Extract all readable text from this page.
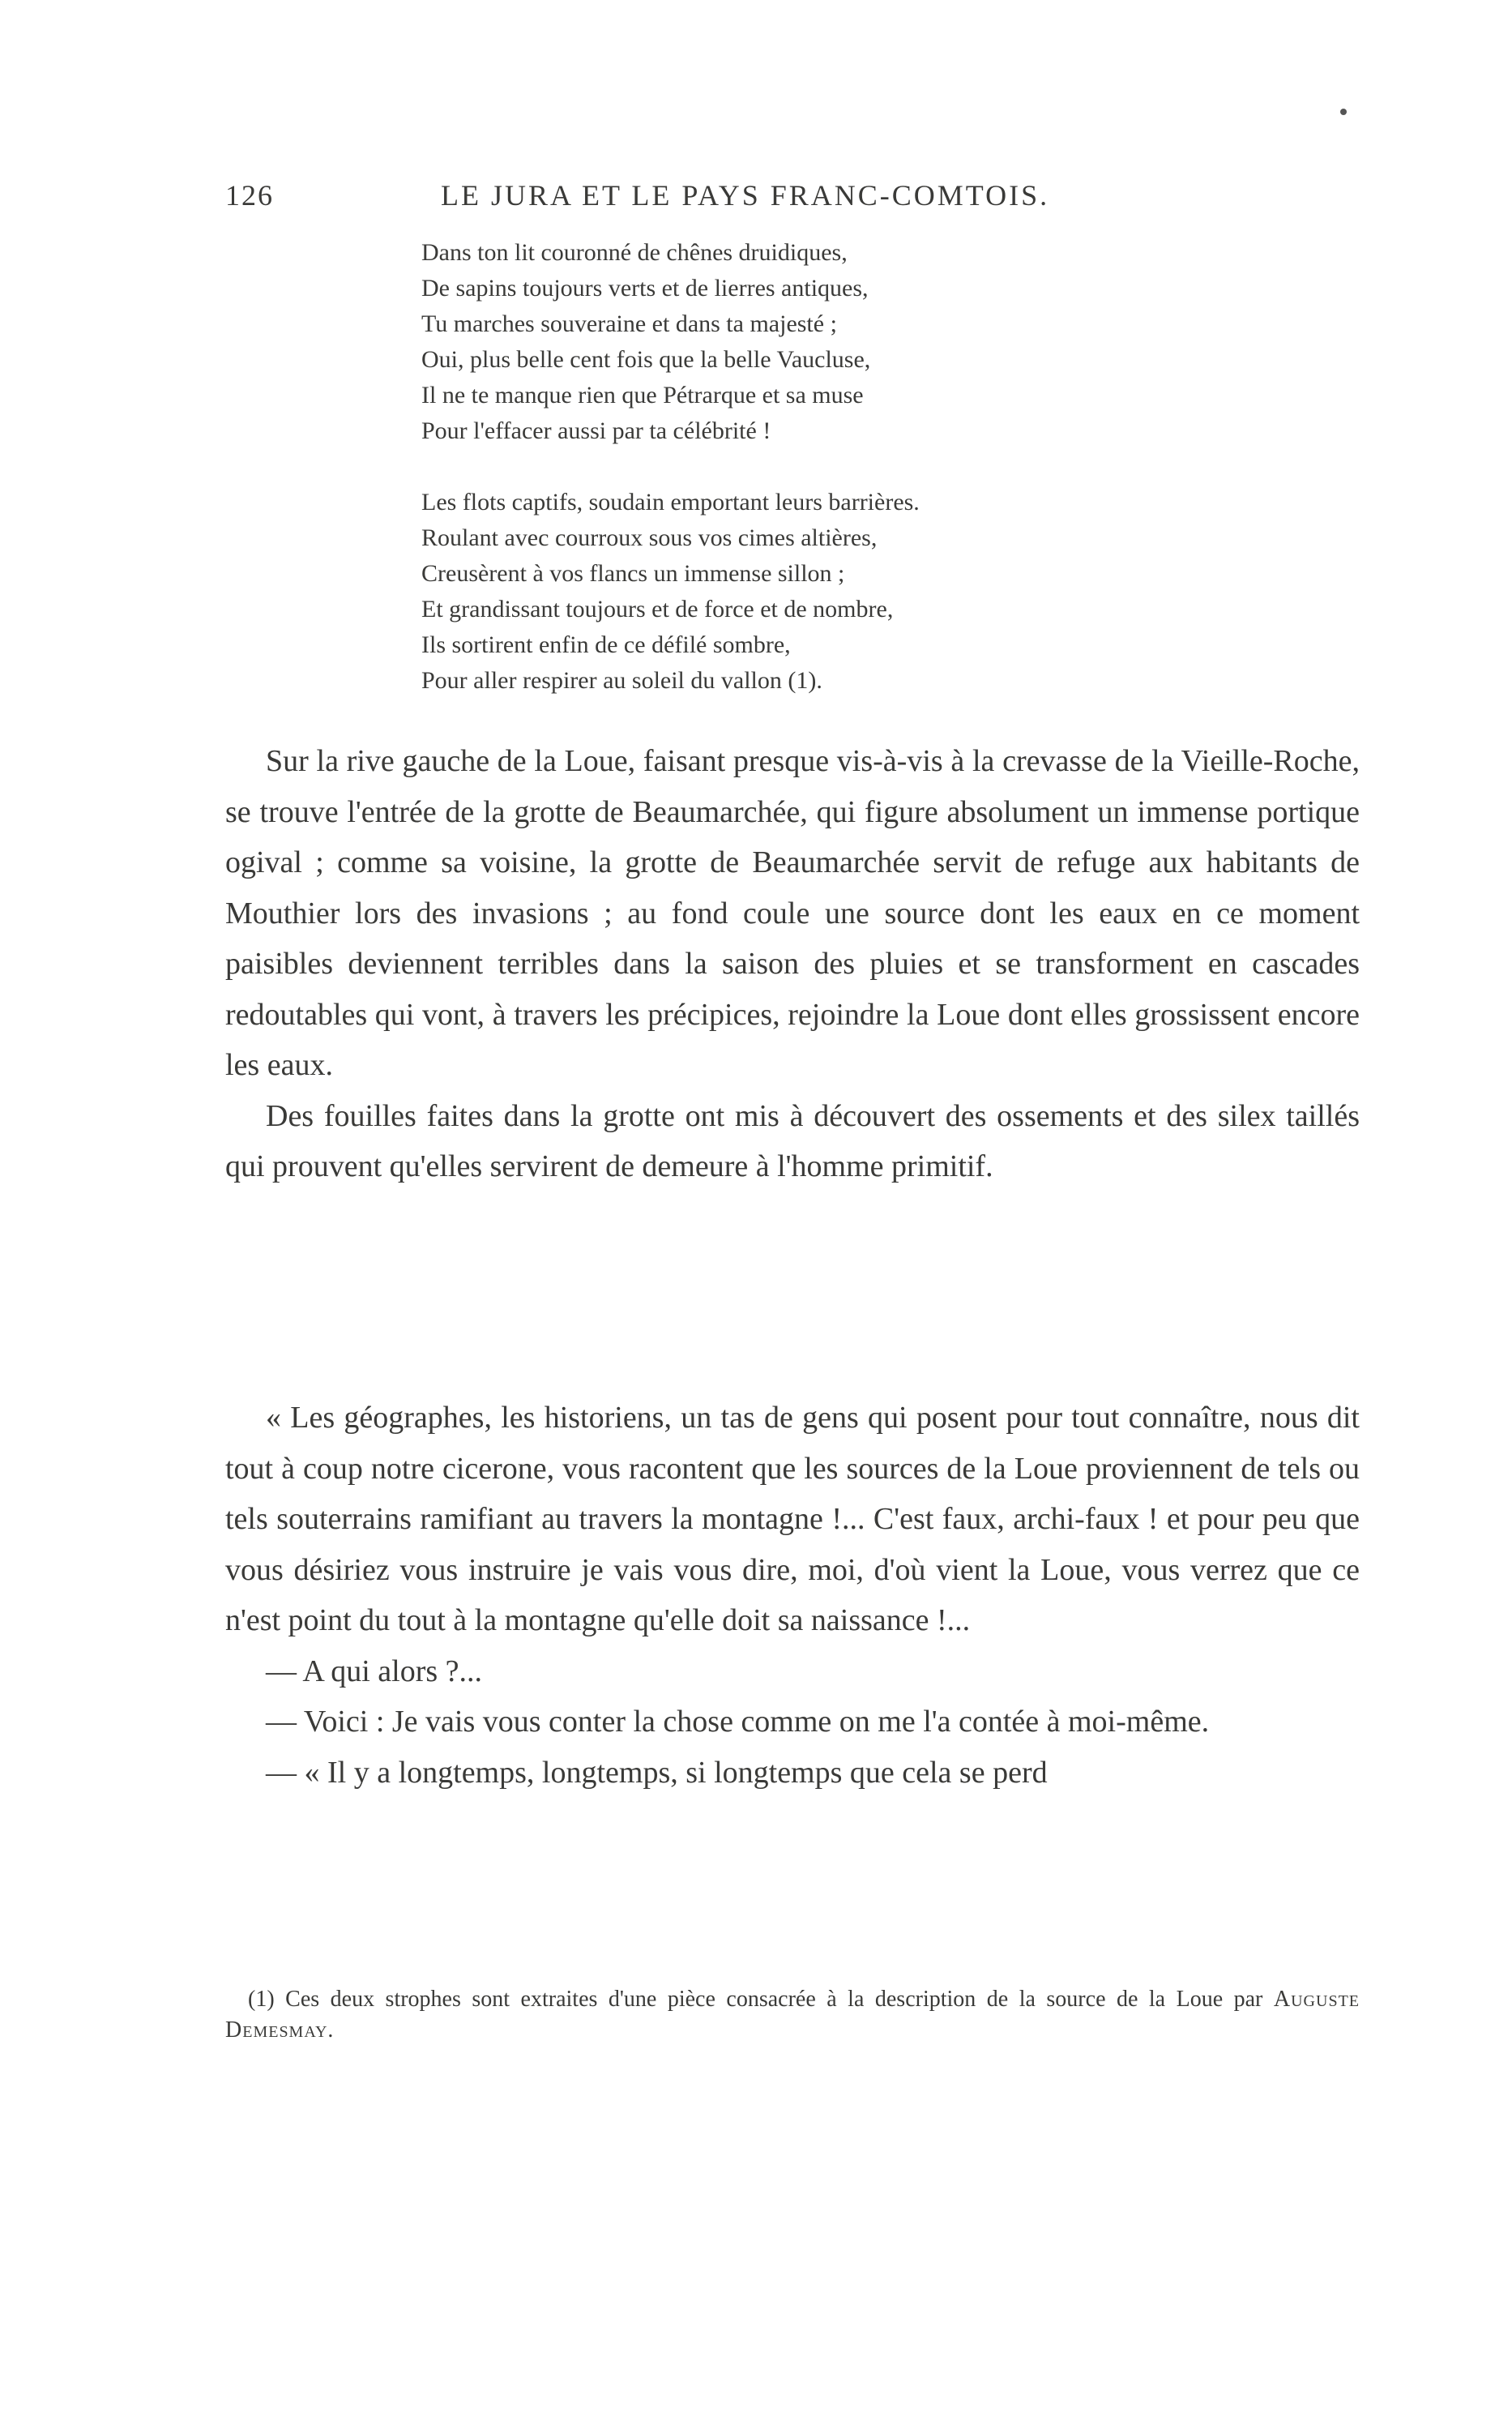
126	LE JURA ET LE PAYS FRANC-COMTOIS.
Dans ton lit couronné de chênes druidiques,
De sapins toujours verts et de lierres antiques,
Tu marches souveraine et dans ta majesté ;
Oui, plus belle cent fois que la belle Vaucluse,
Il ne te manque rien que Pétrarque et sa muse
Pour l'effacer aussi par ta célébrité !
Les flots captifs, soudain emportant leurs barrières.
Roulant avec courroux sous vos cimes altières,
Creusèrent à vos flancs un immense sillon ;
Et grandissant toujours et de force et de nombre,
Ils sortirent enfin de ce défilé sombre,
Pour aller respirer au soleil du vallon (1).

Sur la rive gauche de la Loue, faisant presque vis-à-vis à la crevasse de la Vieille-Roche, se trouve l'entrée de la grotte de Beaumarchée, qui figure absolument un immense portique ogival ; comme sa voisine, la grotte de Beaumarchée servit de refuge aux habitants de Mouthier lors des invasions ; au fond coule une source dont les eaux en ce moment paisibles deviennent terribles dans la saison des pluies et se transforment en cascades redoutables qui vont, à travers les précipices, rejoindre la Loue dont elles grossissent encore les eaux.

Des fouilles faites dans la grotte ont mis à découvert des ossements et des silex taillés qui prouvent qu'elles servirent de demeure à l'homme primitif.

« Les géographes, les historiens, un tas de gens qui posent pour tout connaître, nous dit tout à coup notre cicerone, vous racontent que les sources de la Loue proviennent de tels ou tels souterrains ramifiant au travers la montagne !... C'est faux, archi-faux ! et pour peu que vous désiriez vous instruire je vais vous dire, moi, d'où vient la Loue, vous verrez que ce n'est point du tout à la montagne qu'elle doit sa naissance !...

— A qui alors ?...

— Voici : Je vais vous conter la chose comme on me l'a contée à moi-même.

— « Il y a longtemps, longtemps, si longtemps que cela se perd

(1) Ces deux strophes sont extraites d'une pièce consacrée à la description de la source de la Loue par Auguste Demesmay.
